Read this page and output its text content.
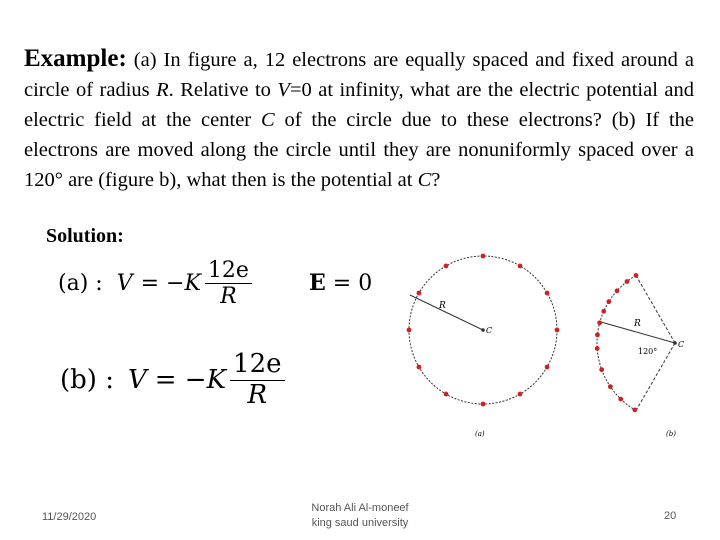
Example: (a) In figure a, 12 electrons are equally spaced and fixed around a circle of radius R. Relative to V=0 at infinity, what are the electric potential and electric field at the center C of the circle due to these electrons? (b) If the electrons are moved along the circle until they are nonuniformly spaced over a 120° are (figure b), what then is the potential at C?
Solution:
(a) : V = − K $\frac{12e}{R}$	E = 0
(b) : V = − K $\frac{12e}{R}$
R
C
(a)
R
C
120°
(b)
11/29/2020
Norah Ali Al-moneef
king saud university
20
